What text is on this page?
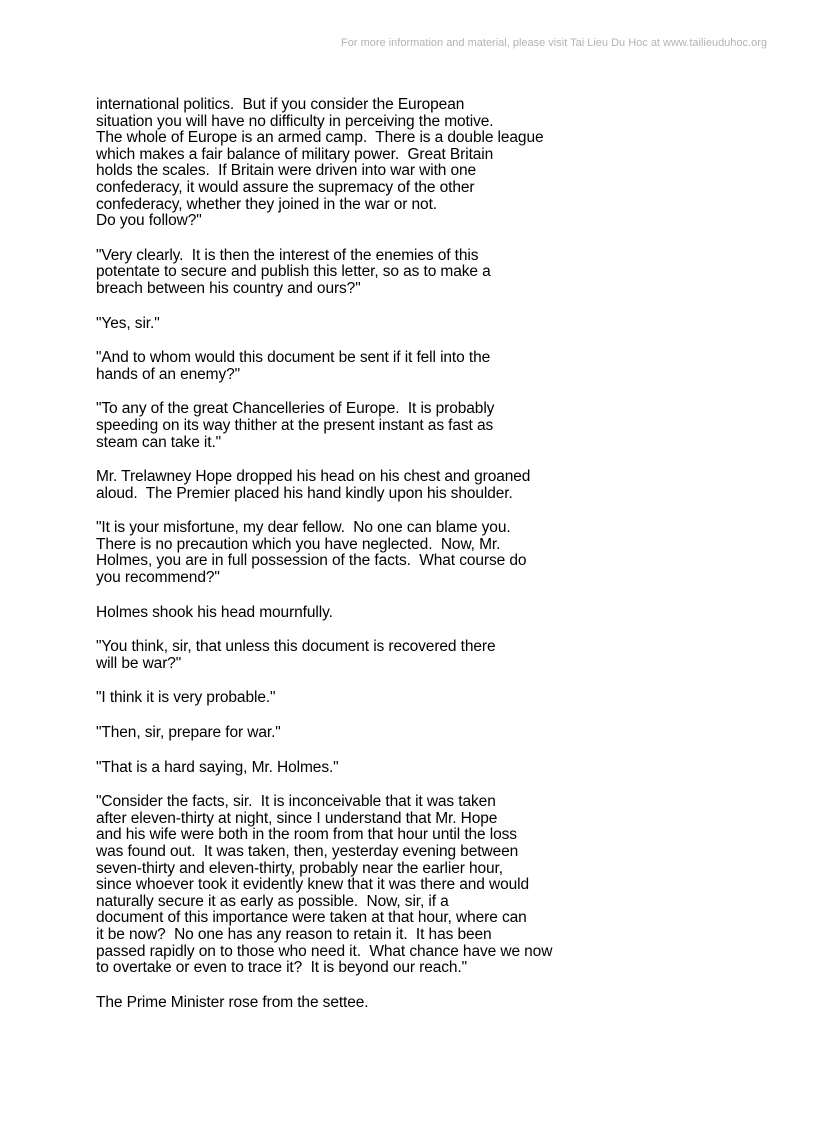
For more information and material, please visit Tai Lieu Du Hoc at www.tailieuduhoc.org
international politics.  But if you consider the European
situation you will have no difficulty in perceiving the motive.
The whole of Europe is an armed camp.  There is a double league
which makes a fair balance of military power.  Great Britain
holds the scales.  If Britain were driven into war with one
confederacy, it would assure the supremacy of the other
confederacy, whether they joined in the war or not.
Do you follow?"
"Very clearly.  It is then the interest of the enemies of this
potentate to secure and publish this letter, so as to make a
breach between his country and ours?"
"Yes, sir."
"And to whom would this document be sent if it fell into the
hands of an enemy?"
"To any of the great Chancelleries of Europe.  It is probably
speeding on its way thither at the present instant as fast as
steam can take it."
Mr. Trelawney Hope dropped his head on his chest and groaned
aloud.  The Premier placed his hand kindly upon his shoulder.
"It is your misfortune, my dear fellow.  No one can blame you.
There is no precaution which you have neglected.  Now, Mr.
Holmes, you are in full possession of the facts.  What course do
you recommend?"
Holmes shook his head mournfully.
"You think, sir, that unless this document is recovered there
will be war?"
"I think it is very probable."
"Then, sir, prepare for war."
"That is a hard saying, Mr. Holmes."
"Consider the facts, sir.  It is inconceivable that it was taken
after eleven-thirty at night, since I understand that Mr. Hope
and his wife were both in the room from that hour until the loss
was found out.  It was taken, then, yesterday evening between
seven-thirty and eleven-thirty, probably near the earlier hour,
since whoever took it evidently knew that it was there and would
naturally secure it as early as possible.  Now, sir, if a
document of this importance were taken at that hour, where can
it be now?  No one has any reason to retain it.  It has been
passed rapidly on to those who need it.  What chance have we now
to overtake or even to trace it?  It is beyond our reach."
The Prime Minister rose from the settee.
